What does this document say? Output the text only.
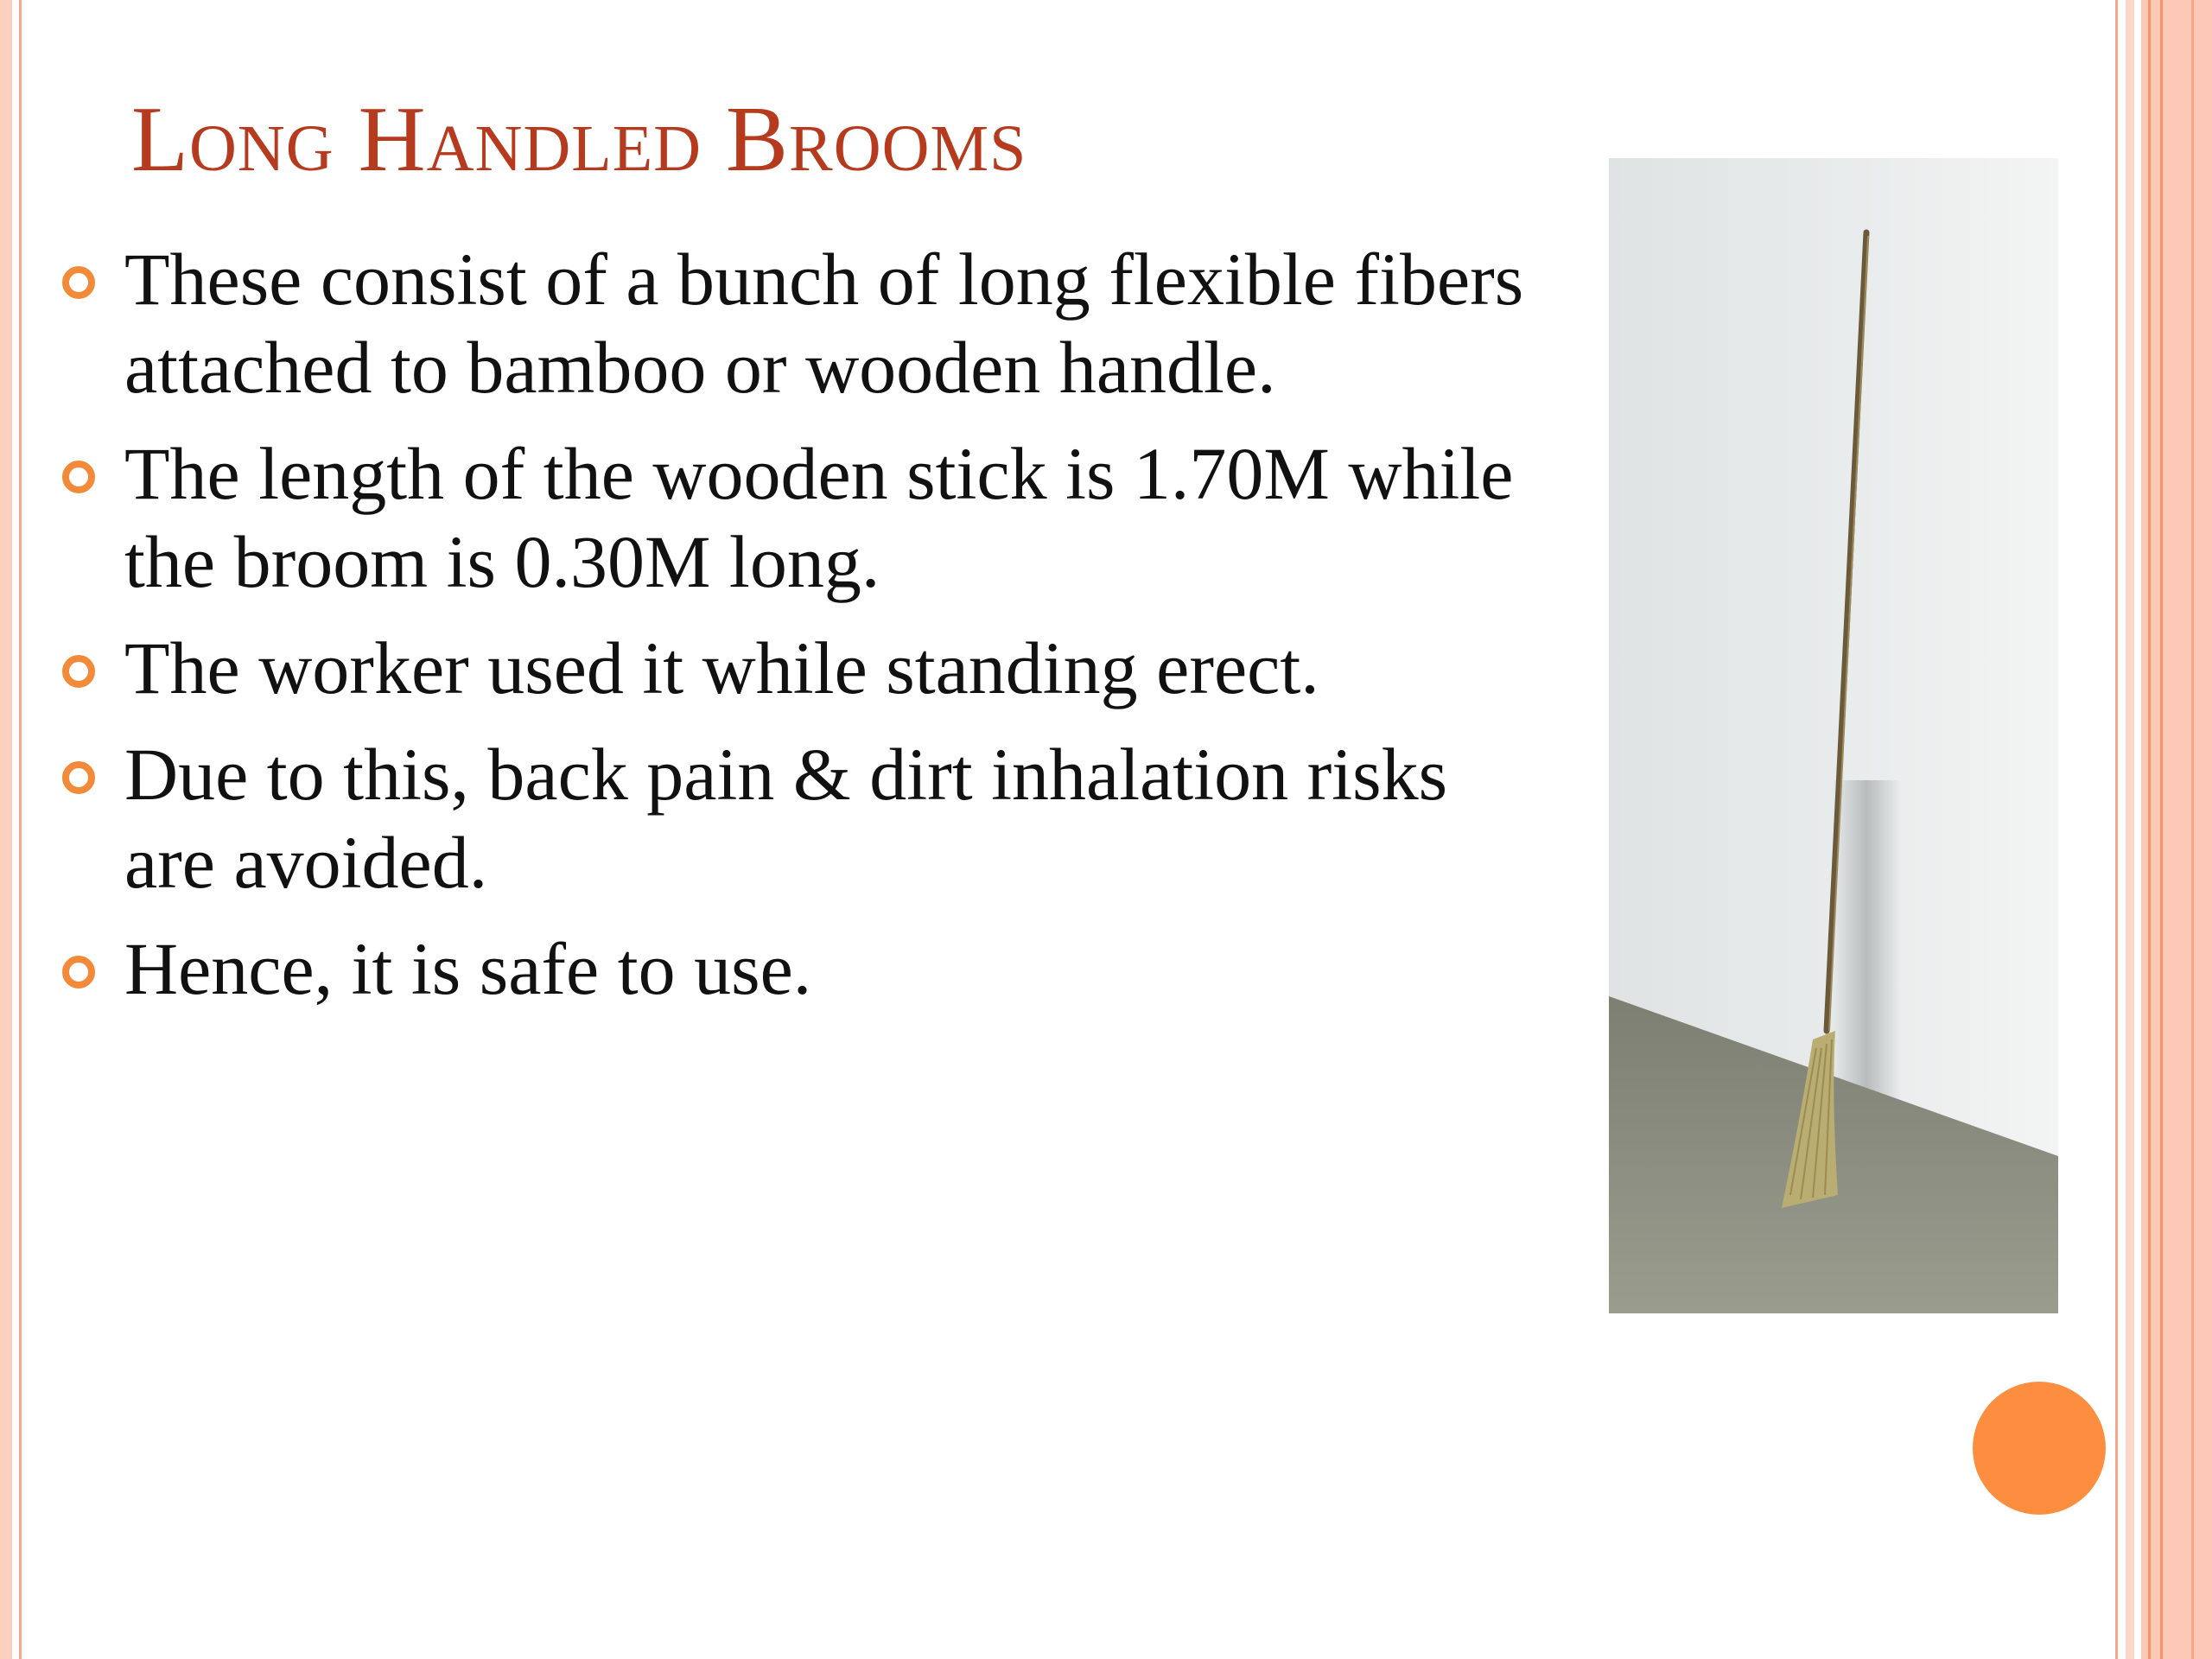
Long Handled Brooms
These consist of a bunch of long flexible fibers attached to bamboo or wooden handle.
The length of the wooden stick is 1.70M while the broom is 0.30M long.
The worker used it while standing erect.
Due to this, back pain & dirt inhalation risks are avoided.
Hence, it is safe to use.
